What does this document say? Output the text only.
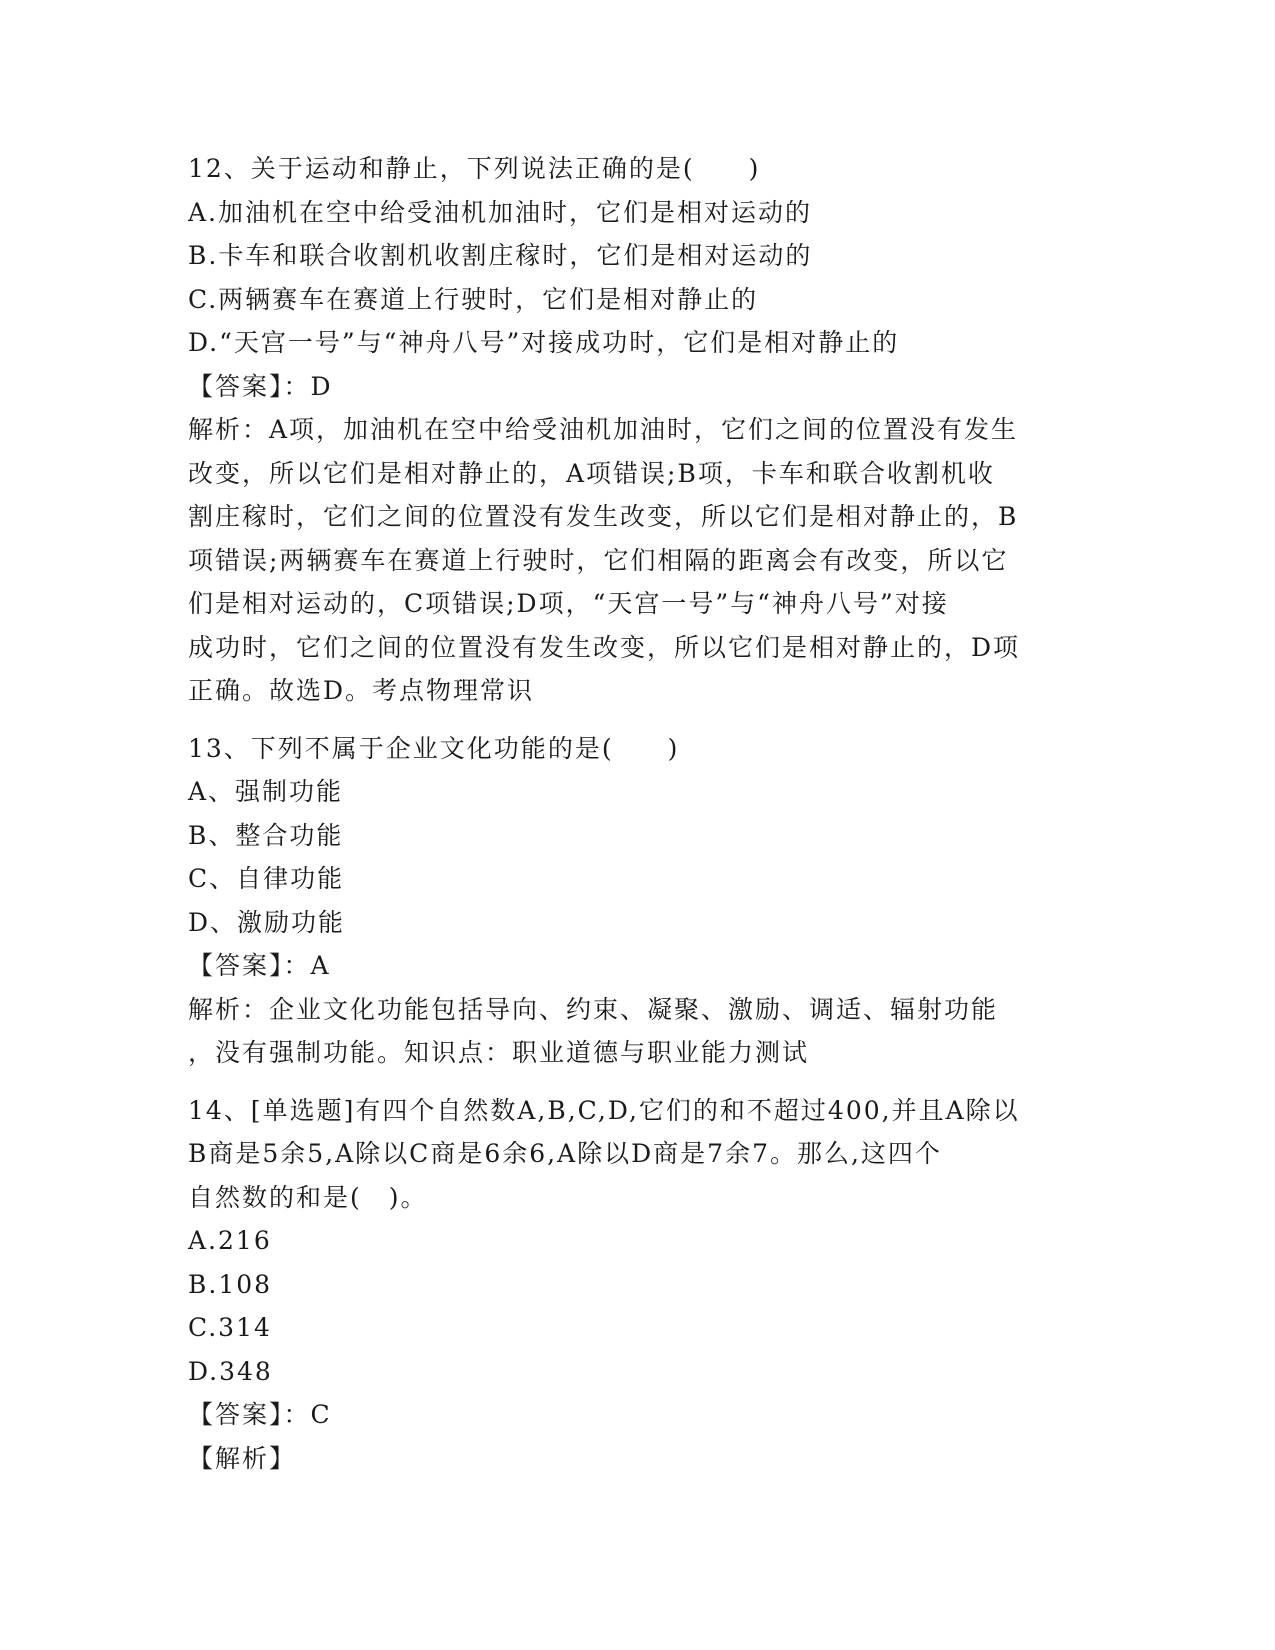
12、关于运动和静止，下列说法正确的是(　　)
A.加油机在空中给受油机加油时，它们是相对运动的
B.卡车和联合收割机收割庄稼时，它们是相对运动的
C.两辆赛车在赛道上行驶时，它们是相对静止的
D.“天宫一号”与“神舟八号”对接成功时，它们是相对静止的
【答案】：D
解析：A项，加油机在空中给受油机加油时，它们之间的位置没有发生
改变，所以它们是相对静止的，A项错误;B项，卡车和联合收割机收
割庄稼时，它们之间的位置没有发生改变，所以它们是相对静止的，B
项错误;两辆赛车在赛道上行驶时，它们相隔的距离会有改变，所以它
们是相对运动的，C项错误;D项，“天宫一号”与“神舟八号”对接
成功时，它们之间的位置没有发生改变，所以它们是相对静止的，D项
正确。故选D。考点物理常识
13、下列不属于企业文化功能的是(　　)
A、强制功能
B、整合功能
C、自律功能
D、激励功能
【答案】：A
解析：企业文化功能包括导向、约束、凝聚、激励、调适、辐射功能
，没有强制功能。知识点：职业道德与职业能力测试
14、[单选题]有四个自然数A,B,C,D,它们的和不超过400,并且A除以
B商是5余5,A除以C商是6余6,A除以D商是7余7。那么,这四个
自然数的和是(　)。
A.216
B.108
C.314
D.348
【答案】：C
【解析】
